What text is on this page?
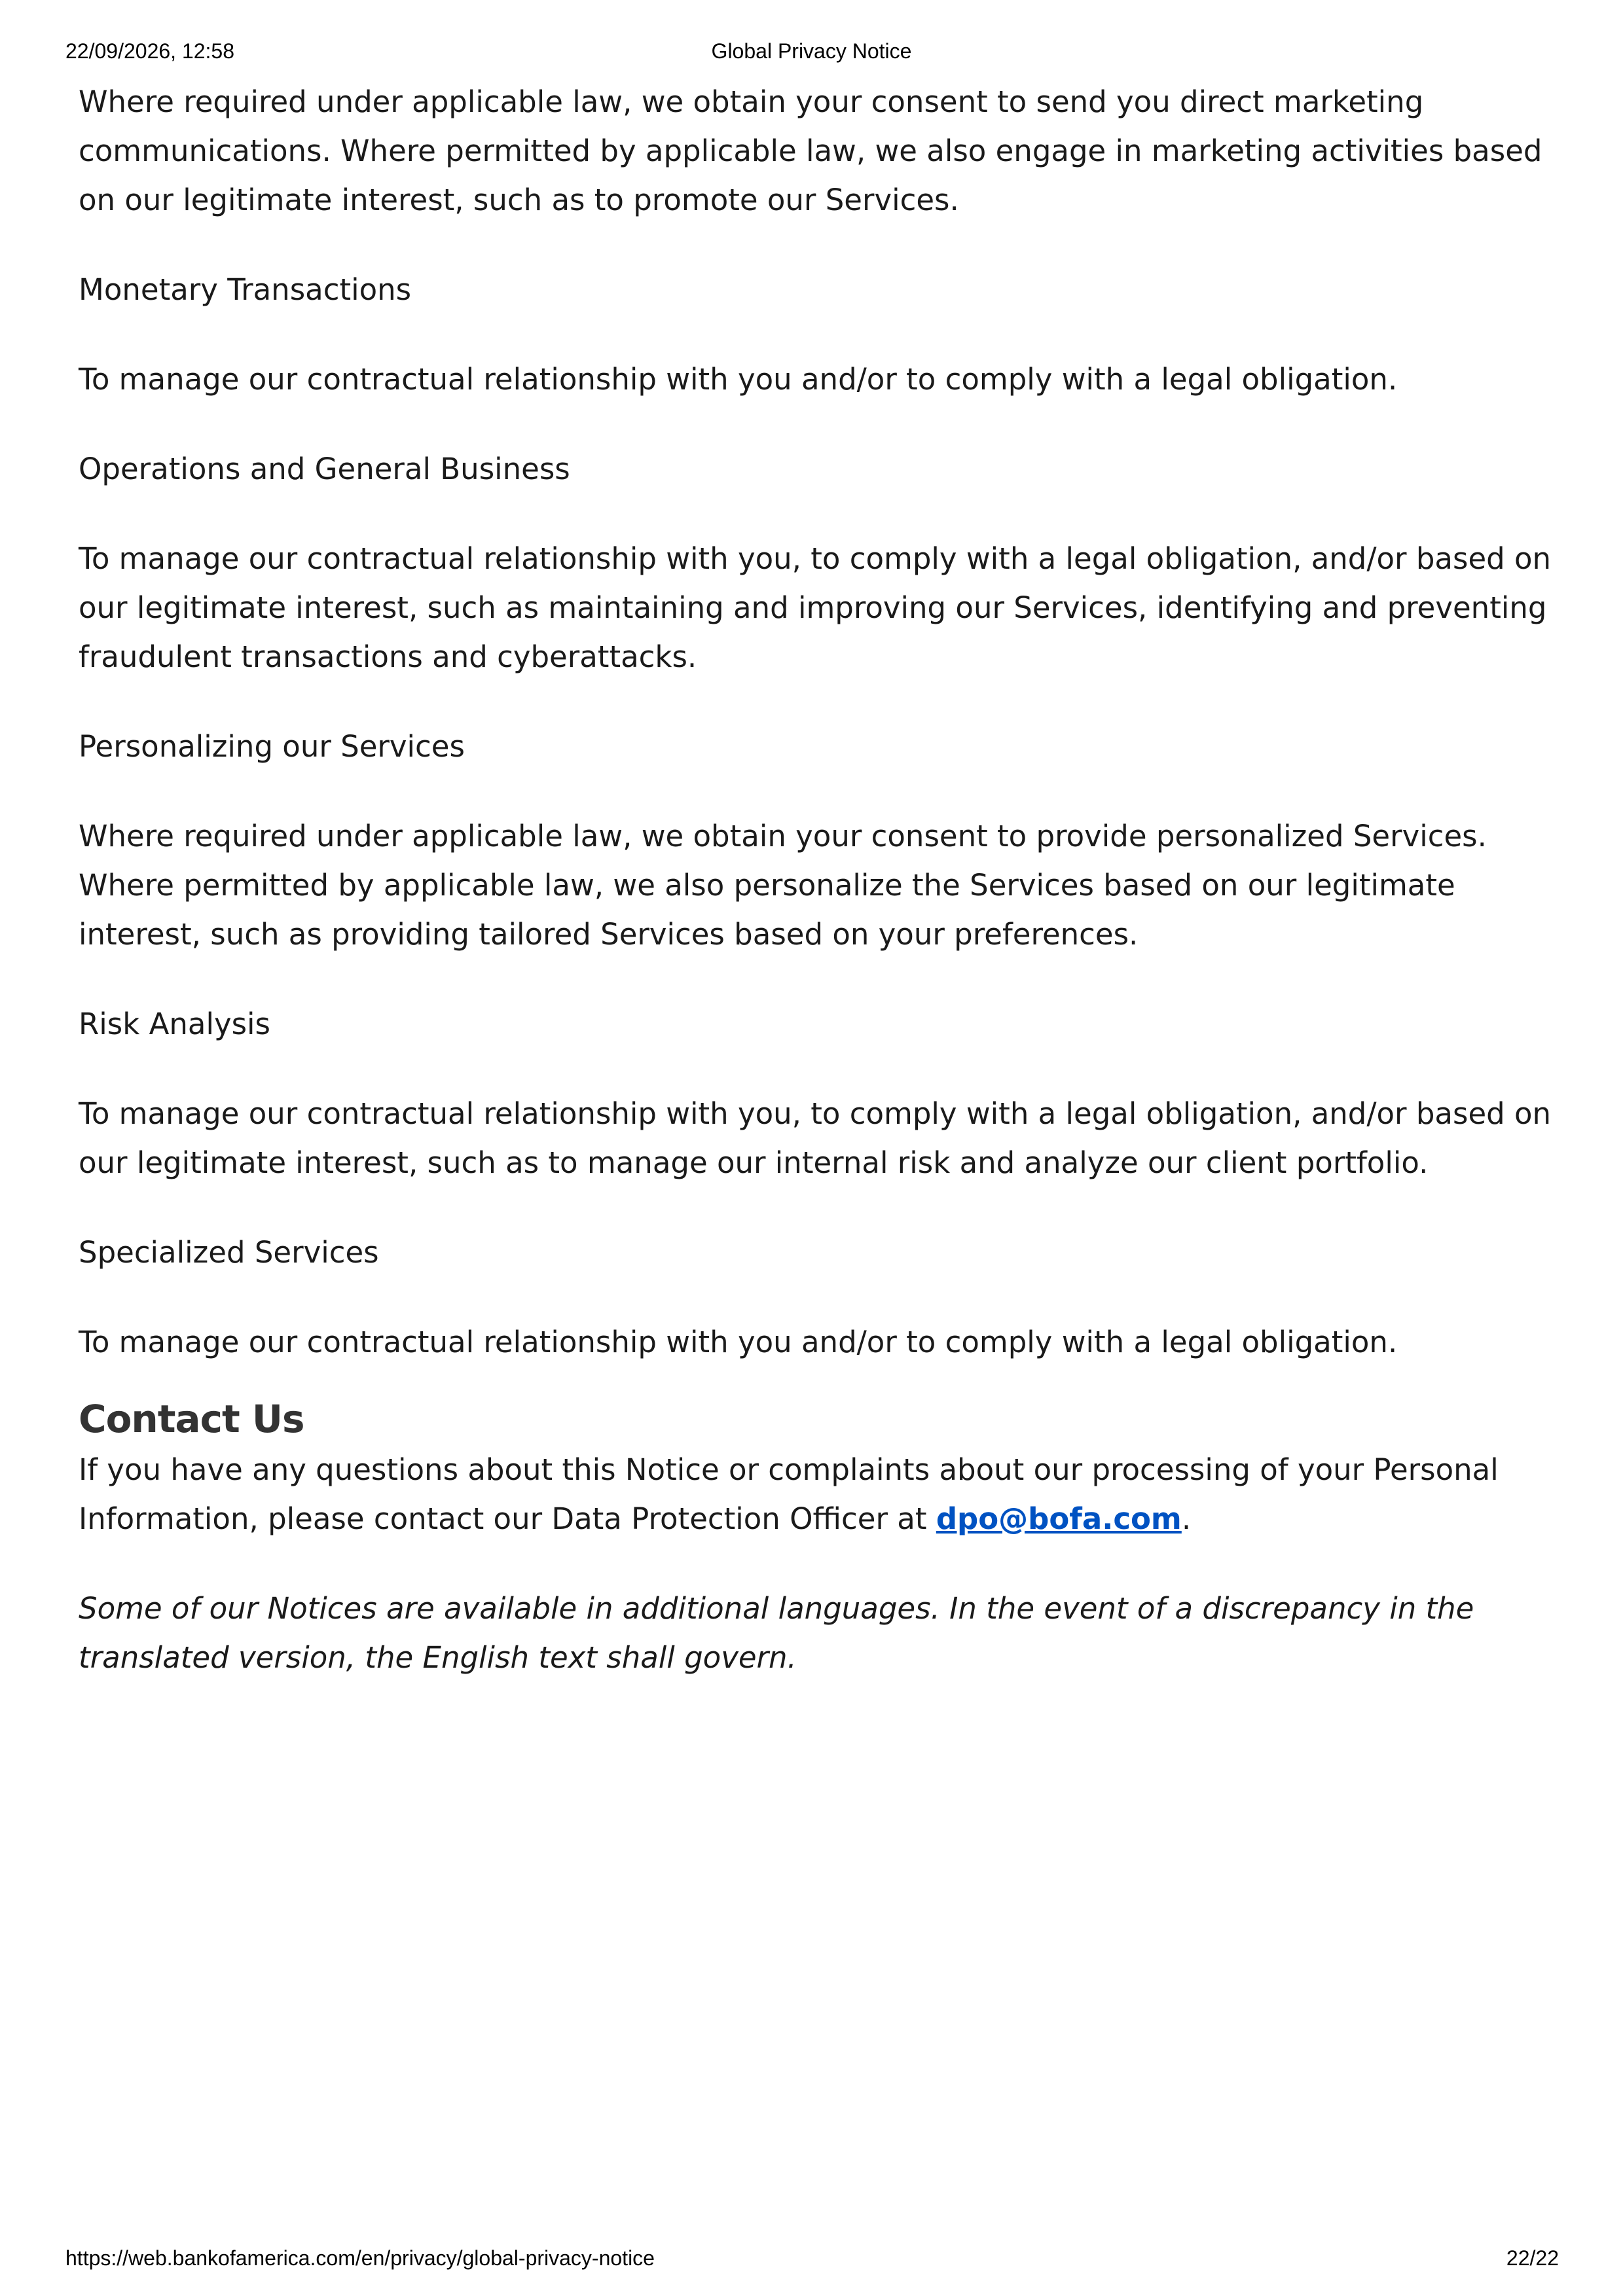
22/09/2026, 12:58	Global Privacy Notice

Where required under applicable law, we obtain your consent to send you direct marketing communications. Where permitted by applicable law, we also engage in marketing activities based on our legitimate interest, such as to promote our Services.

Monetary Transactions

To manage our contractual relationship with you and/or to comply with a legal obligation.

Operations and General Business

To manage our contractual relationship with you, to comply with a legal obligation, and/or based on our legitimate interest, such as maintaining and improving our Services, identifying and preventing fraudulent transactions and cyberattacks.

Personalizing our Services

Where required under applicable law, we obtain your consent to provide personalized Services. Where permitted by applicable law, we also personalize the Services based on our legitimate interest, such as providing tailored Services based on your preferences.

Risk Analysis

To manage our contractual relationship with you, to comply with a legal obligation, and/or based on our legitimate interest, such as to manage our internal risk and analyze our client portfolio.

Specialized Services

To manage our contractual relationship with you and/or to comply with a legal obligation.

Contact Us

If you have any questions about this Notice or complaints about our processing of your Personal Information, please contact our Data Protection Officer at dpo@bofa.com.

Some of our Notices are available in additional languages. In the event of a discrepancy in the translated version, the English text shall govern.

https://web.bankofamerica.com/en/privacy/global-privacy-notice	22/22
